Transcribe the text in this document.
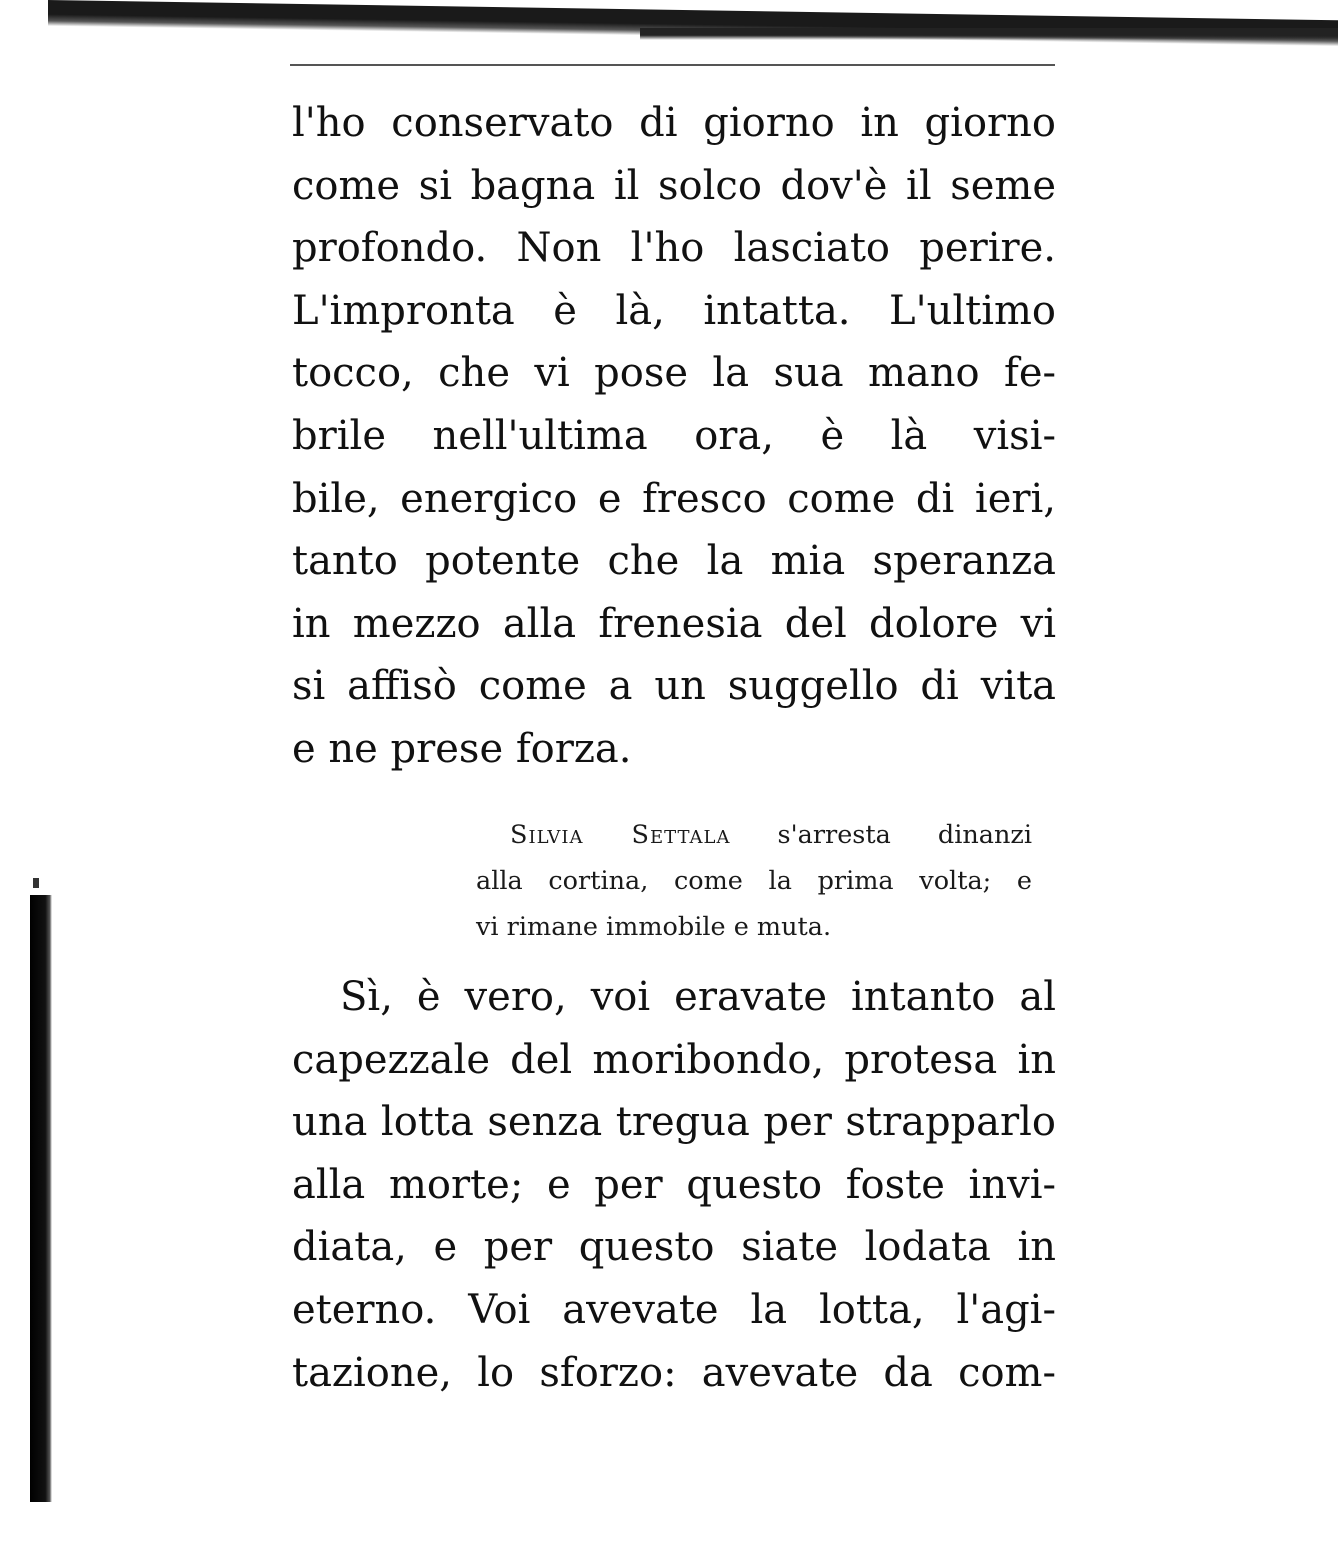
l'ho conservato di giorno in giorno
come si bagna il solco dov'è il seme
profondo. Non l'ho lasciato perire.
L'impronta è là, intatta. L'ultimo
tocco, che vi pose la sua mano fe-
brile nell'ultima ora, è là visi-
bile, energico e fresco come di ieri,
tanto potente che la mia speranza
in mezzo alla frenesia del dolore vi
si affisò come a un suggello di vita
e ne prese forza.
Silvia Settala s'arresta dinanzi
alla cortina, come la prima volta; e
vi rimane immobile e muta.
Sì, è vero, voi eravate intanto al
capezzale del moribondo, protesa in
una lotta senza tregua per strapparlo
alla morte; e per questo foste invi-
diata, e per questo siate lodata in
eterno. Voi avevate la lotta, l'agi-
tazione, lo sforzo: avevate da com-
